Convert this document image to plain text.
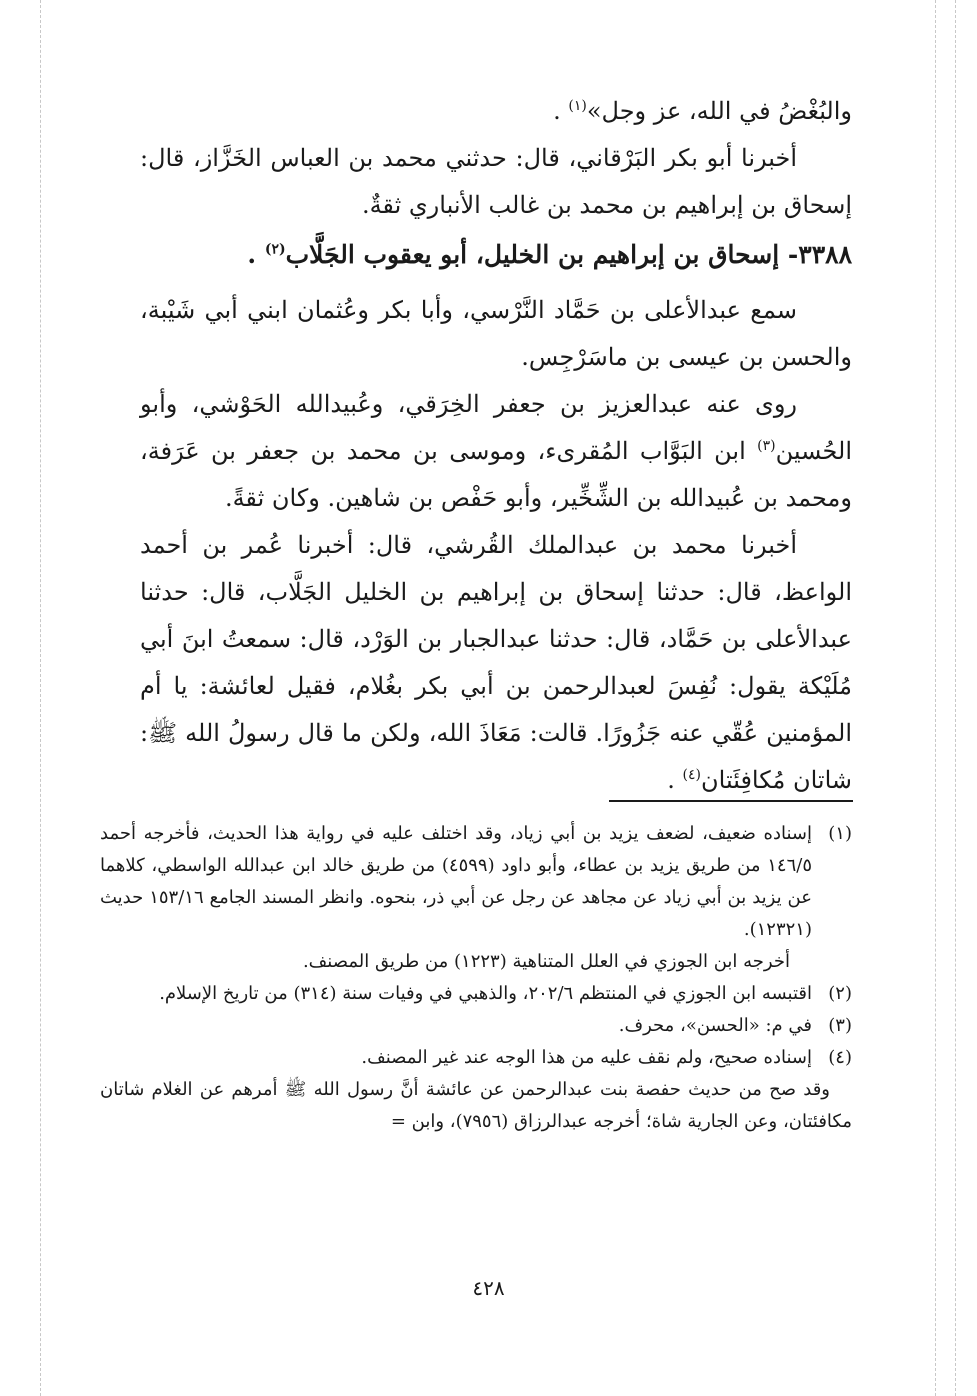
والبُغْضُ في الله، عز وجل»$^{(١)}$ .

أخبرنا أبو بكر البَرْقاني، قال: حدثني محمد بن العباس الخَزَّاز، قال: إسحاق بن إبراهيم بن محمد بن غالب الأنباري ثقةٌ.

٣٣٨٨- إسحاق بن إبراهيم بن الخليل، أبو يعقوب الجَلَّاب$^{(٢)}$ .

سمع عبدالأعلى بن حَمَّاد النَّرْسي، وأبا بكر وعُثمان ابني أبي شَيْبة، والحسن بن عيسى بن ماسَرْجِس.

روى عنه عبدالعزيز بن جعفر الخِرَقي، وعُبيدالله الحَوْشي، وأبو الحُسين$^{(٣)}$ ابن البَوَّاب المُقرىء، وموسى بن محمد بن جعفر بن عَرَفة، ومحمد بن عُبيدالله بن الشِّخِّير، وأبو حَفْص بن شاهين. وكان ثقةً.

أخبرنا محمد بن عبدالملك القُرشي، قال: أخبرنا عُمر بن أحمد الواعظ، قال: حدثنا إسحاق بن إبراهيم بن الخليل الجَلَّاب، قال: حدثنا عبدالأعلى بن حَمَّاد، قال: حدثنا عبدالجبار بن الوَرْد، قال: سمعتُ ابنَ أبي مُلَيْكة يقول: نُفِسَ لعبدالرحمن بن أبي بكر بغُلام، فقيل لعائشة: يا أم المؤمنين عُقّي عنه جَزُورًا. قالت: مَعَاذَ الله، ولكن ما قال رسولُ الله ﷺ: شاتان مُكافِئَتان$^{(٤)}$ .

(١)
إسناده ضعيف، لضعف يزيد بن أبي زياد، وقد اختلف عليه في رواية هذا الحديث، فأخرجه أحمد ١٤٦/٥ من طريق يزيد بن عطاء، وأبو داود (٤٥٩٩) من طريق خالد ابن عبدالله الواسطي، كلاهما عن يزيد بن أبي زياد عن مجاهد عن رجل عن أبي ذر، بنحوه. وانظر المسند الجامع ١٥٣/١٦ حديث (١٢٣٢١).

أخرجه ابن الجوزي في العلل المتناهية (١٢٢٣) من طريق المصنف.

(٢)
اقتبسه ابن الجوزي في المنتظم ٢٠٢/٦، والذهبي في وفيات سنة (٣١٤) من تاريخ الإسلام.
(٣)
في م: «الحسن»، محرف.
(٤)
إسناده صحيح، ولم نقف عليه من هذا الوجه عند غير المصنف.

وقد صح من حديث حفصة بنت عبدالرحمن عن عائشة أنَّ رسول الله ﷺ أمرهم عن الغلام شاتان مكافئتان، وعن الجارية شاة؛ أخرجه عبدالرزاق (٧٩٥٦)، وابن =

٤٢٨
